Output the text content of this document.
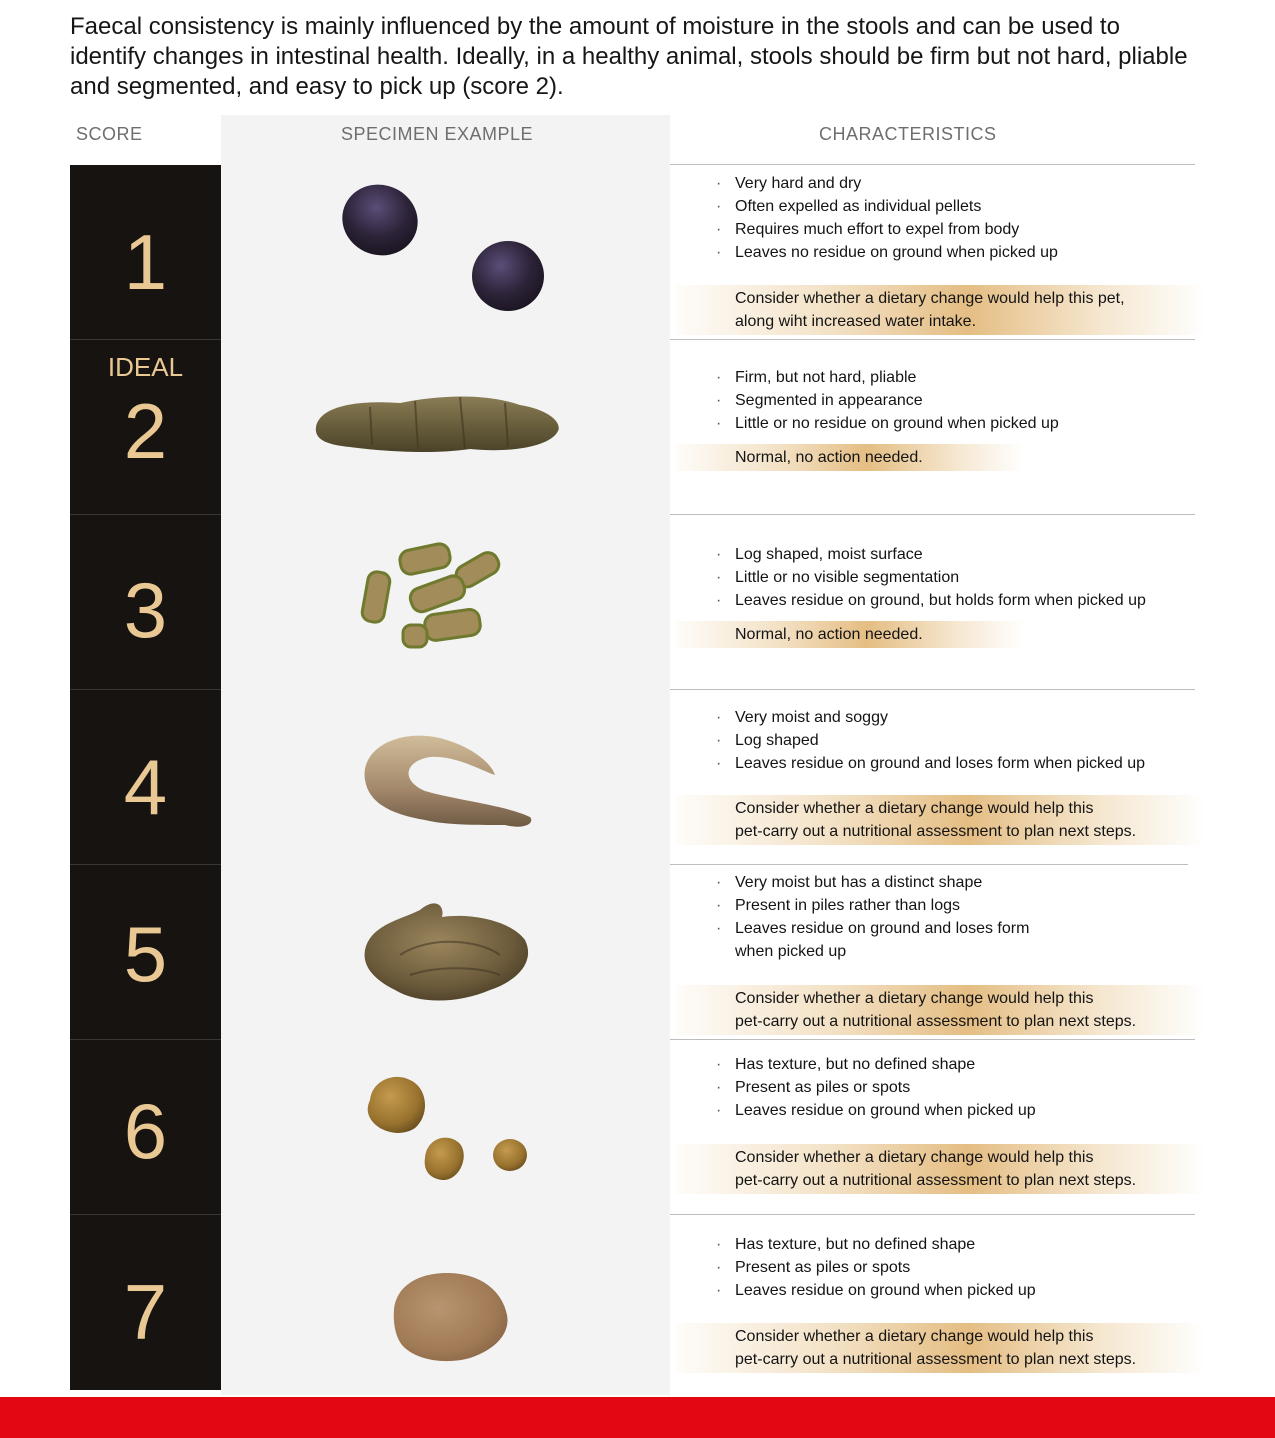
Faecal consistency is mainly influenced by the amount of moisture in the stools and can be used to identify changes in intestinal health. Ideally, in a healthy animal, stools should be firm but not hard, pliable and segmented, and easy to pick up (score 2).

SCORE	SPECIMEN EXAMPLE	CHARACTERISTICS
1
· Very hard and dry
· Often expelled as individual pellets
· Requires much effort to expel from body
· Leaves no residue on ground when picked up
Consider whether a dietary change would help this pet,
along wiht increased water intake.
IDEAL
2
· Firm, but not hard, pliable
· Segmented in appearance
· Little or no residue on ground when picked up
Normal, no action needed.
3
· Log shaped, moist surface
· Little or no visible segmentation
· Leaves residue on ground, but holds form when picked up
Normal, no action needed.
4
· Very moist and soggy
· Log shaped
· Leaves residue on ground and loses form when picked up
Consider whether a dietary change would help this
pet-carry out a nutritional assessment to plan next steps.
5
· Very moist but has a distinct shape
· Present in piles rather than logs
· Leaves residue on ground and loses form
when picked up
Consider whether a dietary change would help this
pet-carry out a nutritional assessment to plan next steps.
6
· Has texture, but no defined shape
· Present as piles or spots
· Leaves residue on ground when picked up
Consider whether a dietary change would help this
pet-carry out a nutritional assessment to plan next steps.
7
· Has texture, but no defined shape
· Present as piles or spots
· Leaves residue on ground when picked up
Consider whether a dietary change would help this
pet-carry out a nutritional assessment to plan next steps.
